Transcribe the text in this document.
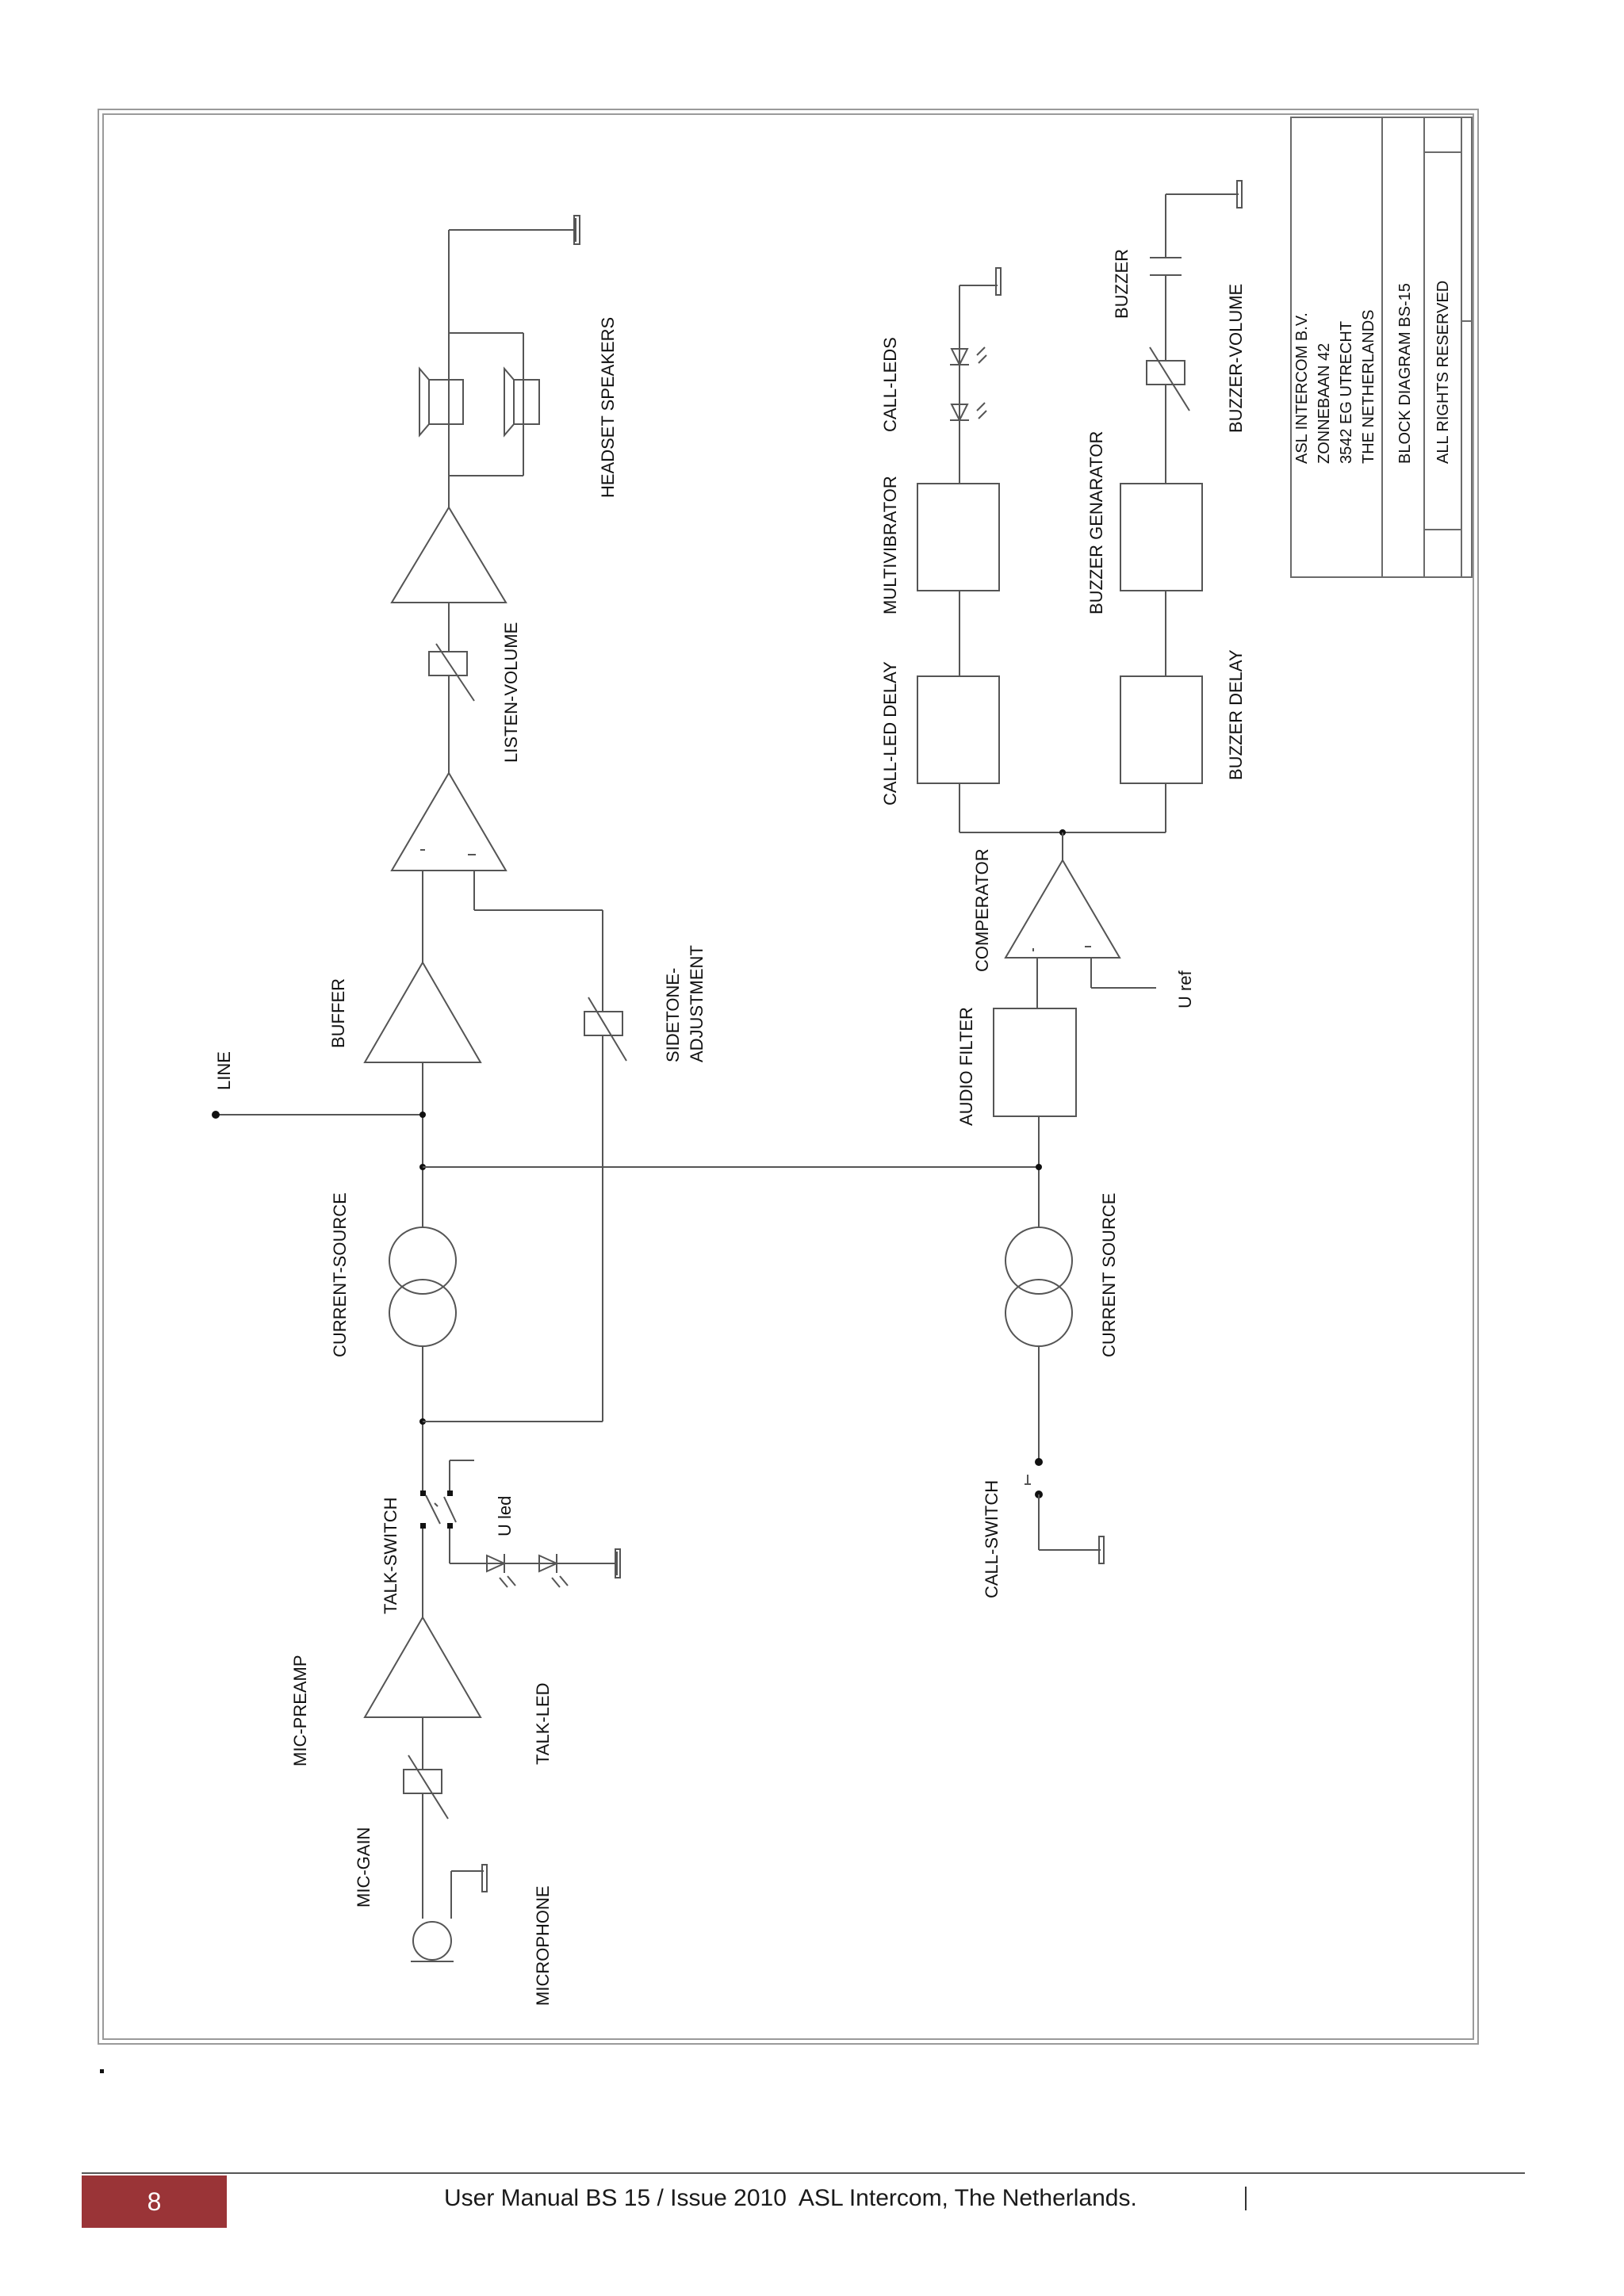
ASL INTERCOM B.V. ZONNEBAAN 42 3542 EG UTRECHT THE NETHERLANDS BLOCK DIAGRAM BS-15 ALL RIGHTS RESERVED
HEADSET SPEAKERS
LISTEN-VOLUME
BUFFER	SIDETONE- ADJUSTMENT
LINE
CURRENT-SOURCE
U led
TALK-SWITCH
MIC-PREAMP	TALK-LED
MIC-GAIN
MICROPHONE
CALL-LEDS
MULTIVIBRATOR
CALL-LED DELAY
BUZZER
BUZZER GENARATOR
BUZZER-VOLUME
BUZZER DELAY
COMPERATOR
U ref
AUDIO FILTER
CURRENT SOURCE
CALL-SWITCH
8	User Manual BS 15 / Issue 2010  ASL Intercom, The Netherlands.
